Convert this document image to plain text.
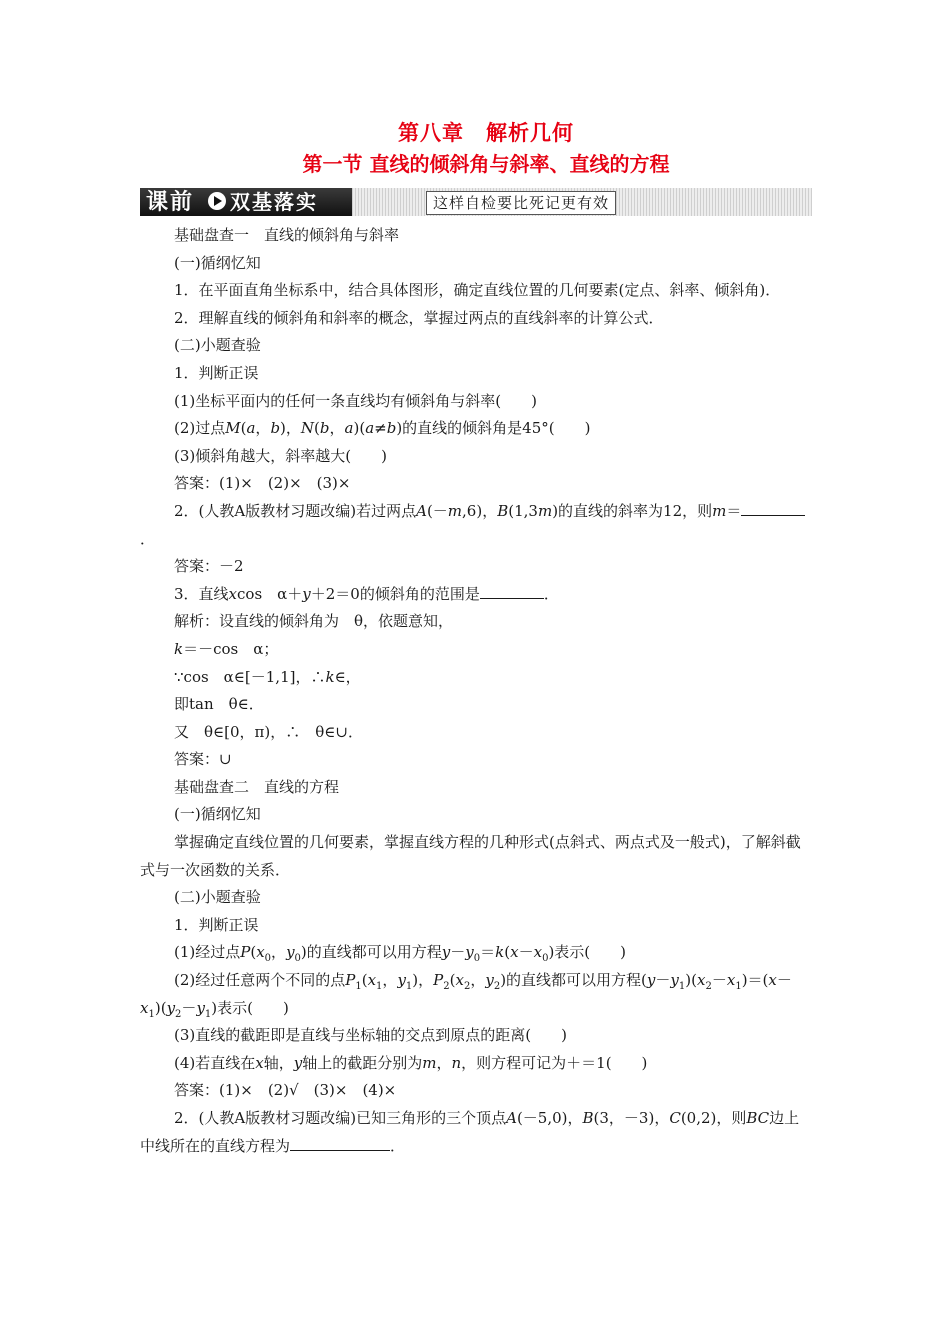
第八章　解析几何
第一节 直线的倾斜角与斜率、直线的方程
课前 双基落实	这样自检要比死记更有效

基础盘查一　直线的倾斜角与斜率

(一)循纲忆知

1．在平面直角坐标系中，结合具体图形，确定直线位置的几何要素(定点、斜率、倾斜角)．

2．理解直线的倾斜角和斜率的概念，掌握过两点的直线斜率的计算公式．

(二)小题查验

1．判断正误

(1)坐标平面内的任何一条直线均有倾斜角与斜率(　　)

(2)过点M(a，b)，N(b，a)(a≠b)的直线的倾斜角是45°(　　)

(3)倾斜角越大，斜率越大(　　)

答案：(1)×　(2)×　(3)×

2．(人教A版教材习题改编)若过两点A(－m,6)，B(1,3m)的直线的斜率为12，则m＝．

答案：－2

3．直线xcos　α＋y＋2＝0的倾斜角的范围是	．

解析：设直线的倾斜角为　θ，依题意知，

k＝－cos　α；

∵cos　α∈[－1,1]，∴k∈，

即tan　θ∈．

又　θ∈[0，π)，∴　θ∈∪．

答案：∪

基础盘查二　直线的方程

(一)循纲忆知

掌握确定直线位置的几何要素，掌握直线方程的几种形式(点斜式、两点式及一般式)，了解斜截式与一次函数的关系．

(二)小题查验

1．判断正误

(1)经过点$P(x_0$，$y_0$)的直线都可以用方程$y-y_0=k(x-x_0)$表示(　　)

(2)经过任意两个不同的点$P_1(x_1$，$y_1$)，$P_2(x_2$，$y_2$)的直线都可以用方程$(y-y_1)(x_2-x_1)=(x-x_1)(y_2-y_1)$表示(　　)

(3)直线的截距即是直线与坐标轴的交点到原点的距离(　　)

(4)若直线在x轴，y轴上的截距分别为m，n，则方程可记为＋＝1(　　)

答案：(1)×　(2)√　(3)×　(4)×

2．(人教A版教材习题改编)已知三角形的三个顶点A(－5,0)，B(3，－3)，C(0,2)，则BC边上中线所在的直线方程为	．
